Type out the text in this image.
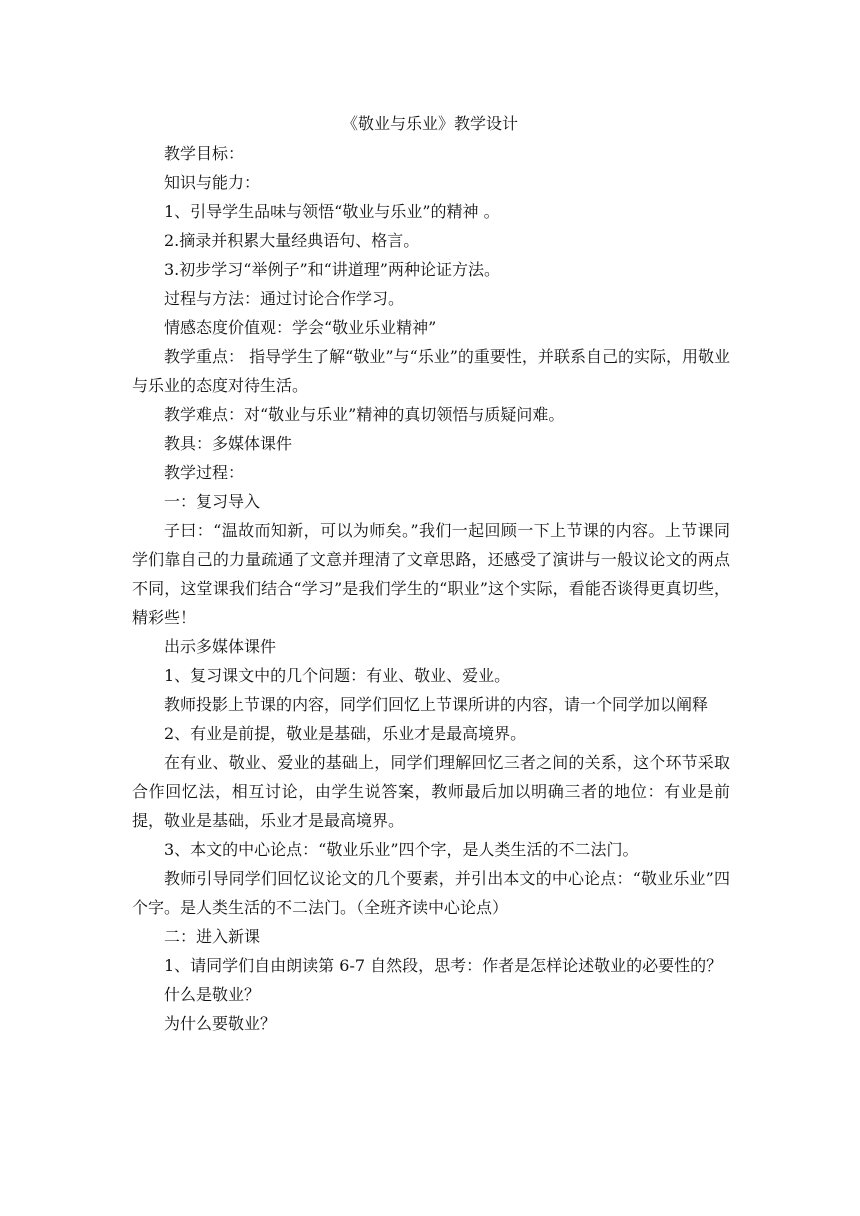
《敬业与乐业》教学设计

教学目标：

知识与能力：

1、引导学生品味与领悟“敬业与乐业”的精神 。

2.摘录并积累大量经典语句、格言。

3.初步学习“举例子”和“讲道理”两种论证方法。

过程与方法：通过讨论合作学习。

情感态度价值观：学会“敬业乐业精神”

教学重点： 指导学生了解“敬业”与“乐业”的重要性，并联系自己的实际，用敬业与乐业的态度对待生活。

教学难点：对“敬业与乐业”精神的真切领悟与质疑问难。

教具：多媒体课件

教学过程：

一：复习导入

子曰：“温故而知新，可以为师矣。”我们一起回顾一下上节课的内容。上节课同学们靠自己的力量疏通了文意并理清了文章思路，还感受了演讲与一般议论文的两点不同，这堂课我们结合“学习”是我们学生的“职业”这个实际，看能否谈得更真切些，精彩些！

出示多媒体课件

1、复习课文中的几个问题：有业、敬业、爱业。

教师投影上节课的内容，同学们回忆上节课所讲的内容，请一个同学加以阐释

2、有业是前提，敬业是基础，乐业才是最高境界。

在有业、敬业、爱业的基础上，同学们理解回忆三者之间的关系，这个环节采取合作回忆法，相互讨论，由学生说答案，教师最后加以明确三者的地位：有业是前提，敬业是基础，乐业才是最高境界。

3、本文的中心论点：“敬业乐业”四个字，是人类生活的不二法门。

教师引导同学们回忆议论文的几个要素，并引出本文的中心论点：“敬业乐业”四个字。是人类生活的不二法门。（全班齐读中心论点）

二：进入新课

1、请同学们自由朗读第 6-7 自然段，思考：作者是怎样论述敬业的必要性的？

什么是敬业？

为什么要敬业？
